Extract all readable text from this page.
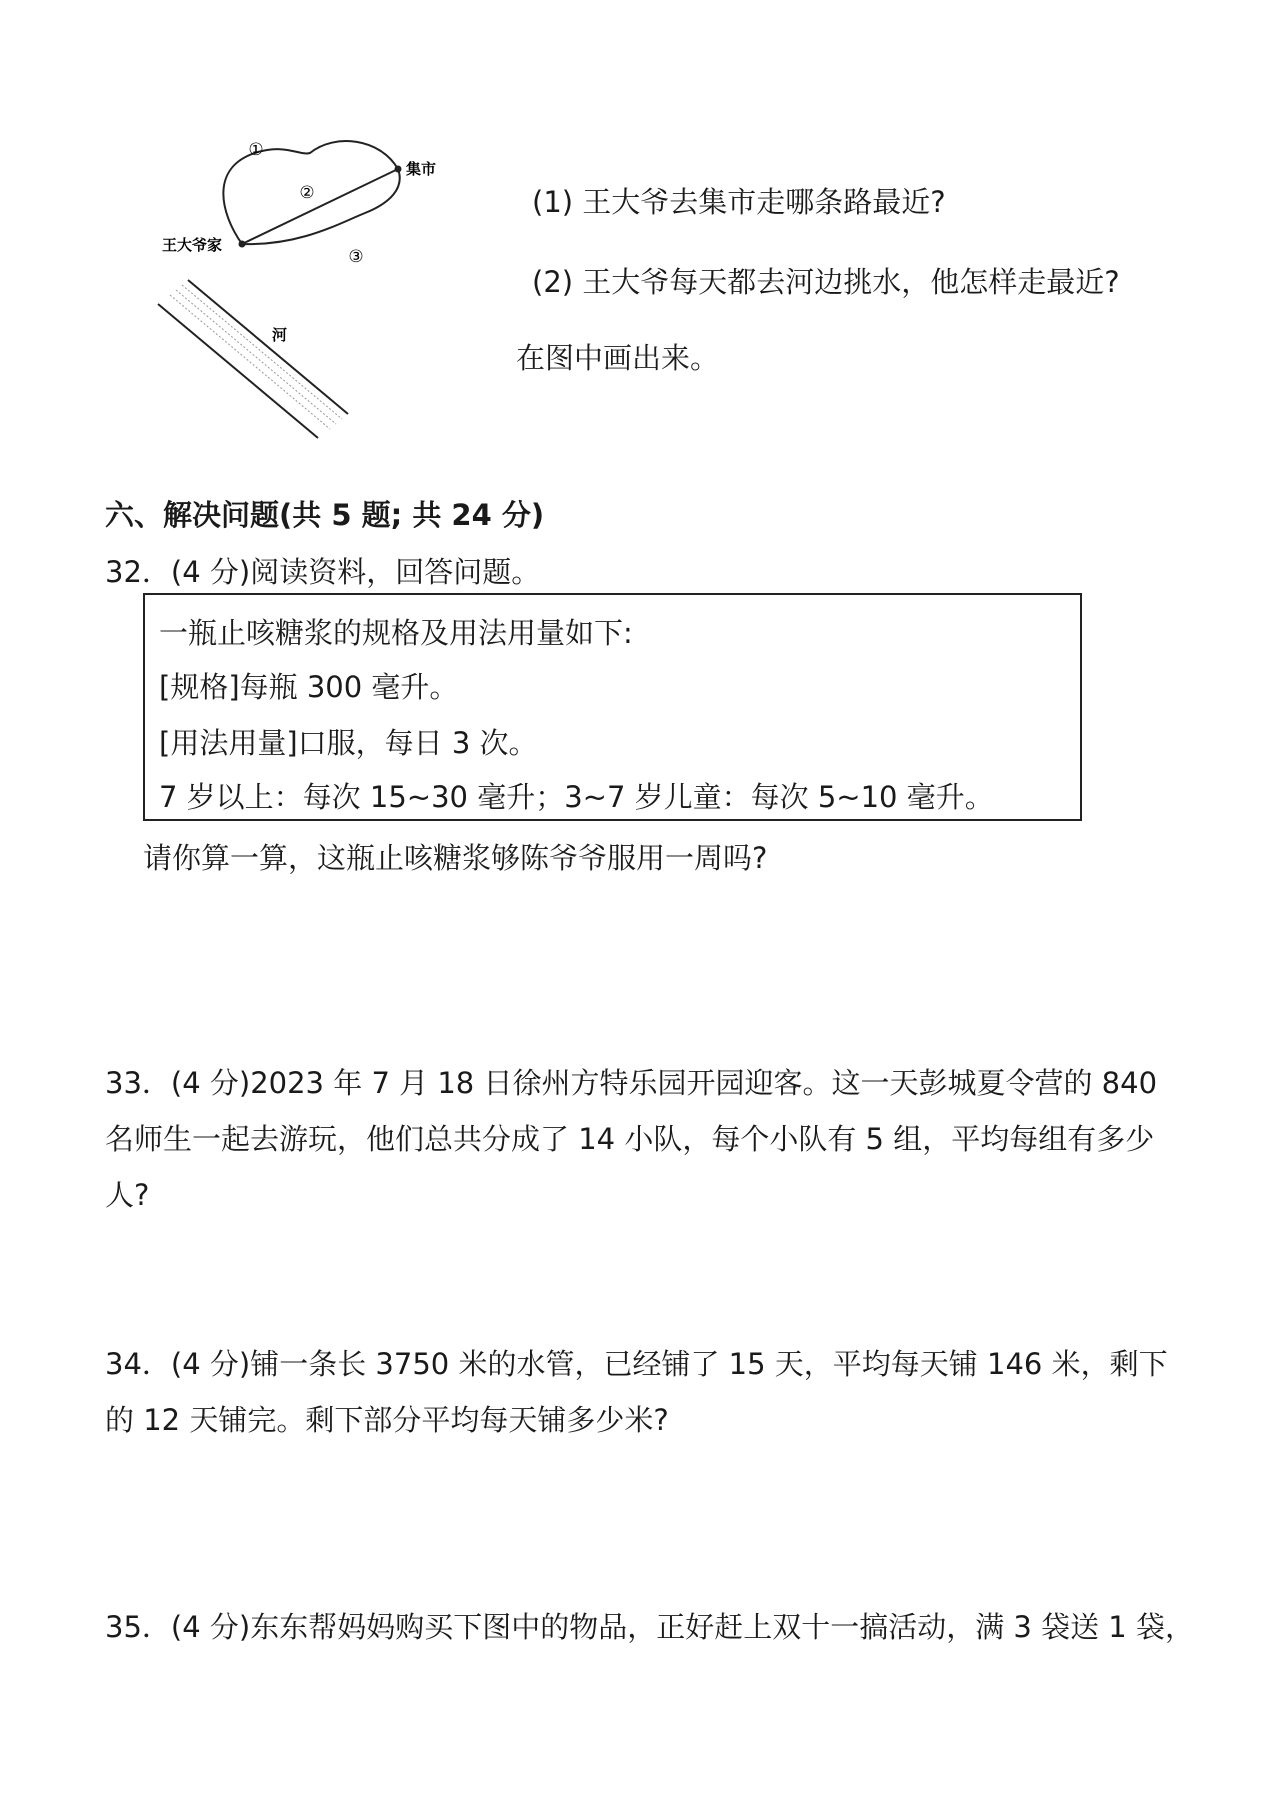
①
②
③
集市
王大爷家
河
(1) 王大爷去集市走哪条路最近?
(2) 王大爷每天都去河边挑水，他怎样走最近?
在图中画出来。
六、解决问题(共 5 题; 共 24 分)
32．(4 分)阅读资料，回答问题。
一瓶止咳糖浆的规格及用法用量如下:
[规格]每瓶 300 毫升。
[用法用量]口服，每日 3 次。
7 岁以上：每次 15~30 毫升；3~7 岁儿童：每次 5~10 毫升。
请你算一算，这瓶止咳糖浆够陈爷爷服用一周吗?
33．(4 分)2023 年 7 月 18 日徐州方特乐园开园迎客。这一天彭城夏令营的 840 名师生一起去游玩，他们总共分成了 14 小队，每个小队有 5 组，平均每组有多少人?
34．(4 分)铺一条长 3750 米的水管，已经铺了 15 天，平均每天铺 146 米，剩下的 12 天铺完。剩下部分平均每天铺多少米?
35．(4 分)东东帮妈妈购买下图中的物品，正好赶上双十一搞活动，满 3 袋送 1 袋，
